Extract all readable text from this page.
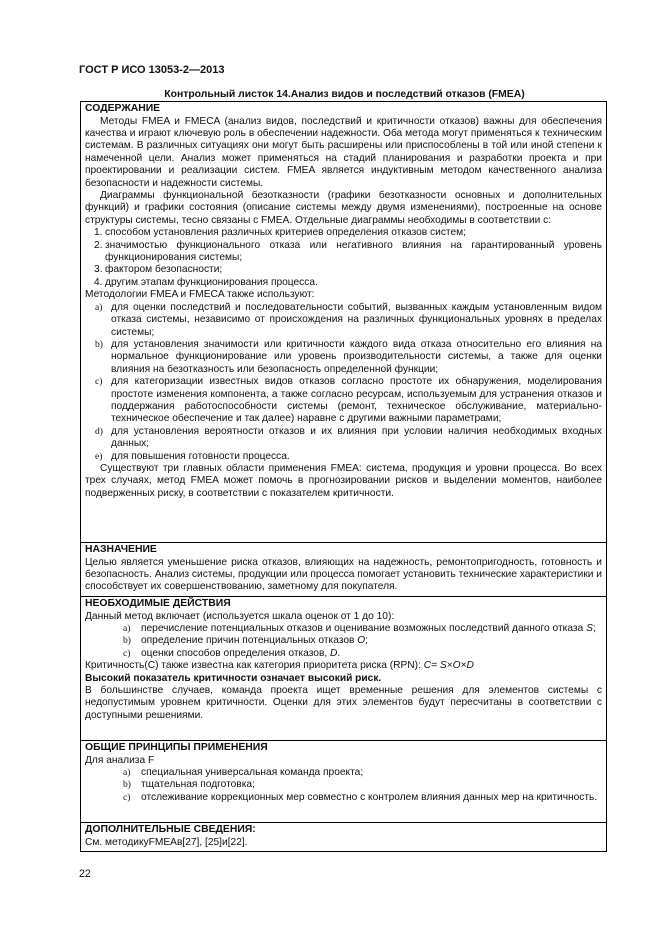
ГОСТ Р ИСО 13053-2—2013
Контрольный листок 14.Анализ видов и последствий отказов (FMEA)
СОДЕРЖАНИЕ

Методы FMEA и FMECA (анализ видов, последствий и критичности отказов) важны для обеспечения качества и играют ключевую роль в обеспечении надежности. Оба метода могут применяться к техническим системам. В различных ситуациях они могут быть расширены или приспособлены в той или иной степени к намеченной цели. Анализ может применяться на стадий планирования и разработки проекта и при проектировании и реализации систем. FMEA является индуктивным методом качественного анализа безопасности и надежности системы.

Диаграммы функциональной безотказности (графики безотказности основных и дополнительных функций) и графики состояния (описание системы между двумя изменениями), построенные на основе структуры системы, тесно связаны с FMEA. Отдельные диаграммы необходимы в соответствии с:

1. способом установления различных критериев определения отказов систем;
2. значимостью функционального отказа или негативного влияния на гарантированный уровень функционирования системы;
3. фактором безопасности;
4. другим этапам функционирования процесса.

Методологии FMEA и FMECA также используют:

а) для оценки последствий и последовательности событий, вызванных каждым установленным видом отказа системы, независимо от происхождения на различных функциональных уровнях в пределах системы;
b) для установления значимости или критичности каждого вида отказа относительно его влияния на нормальное функционирование или уровень производительности системы, а также для оценки влияния на безотказность или безопасность определенной функции;
c) для категоризации известных видов отказов согласно простоте их обнаружения, моделирования простоте изменения компонента, а также согласно ресурсам, используемым для устранения отказов и поддержания работоспособности системы (ремонт, техническое обслуживание, материально-техническое обеспечение и так далее) наравне с другими важными параметрами;
d) для установления вероятности отказов и их влияния при условии наличия необходимых входных данных;
e) для повышения готовности процесса.

Существуют три главных области применения FMEA: система, продукция и уровни процесса. Во всех трех случаях, метод FMEA может помочь в прогнозировании рисков и выделении моментов, наиболее подверженных риску, в соответствии с показателем критичности.

НАЗНАЧЕНИЕ

Целью является уменьшение риска отказов, влияющих на надежность, ремонтопригодность, готовность и безопасность. Анализ системы, продукции или процесса помогает установить технические характеристики и способствует их совершенствованию, заметному для покупателя.

НЕОБХОДИМЫЕ ДЕЙСТВИЯ

Данный метод включает (используется шкала оценок от 1 до 10):

а) перечисление потенциальных отказов и оценивание возможных последствий данного отказа S;
b) определение причин потенциальных отказов O;
c) оценки способов определения отказов, D.

Критичность(C) также известна как категория приоритета риска (RPN): C= S×O×D

Высокий показатель критичности означает высокий риск.

В большинстве случаев, команда проекта ищет временные решения для элементов системы с недопустимым уровнем критичности. Оценки для этих элементов будут пересчитаны в соответствии с доступными решениями.

ОБЩИЕ ПРИНЦИПЫ ПРИМЕНЕНИЯ

Для анализа F

а) специальная универсальная команда проекта;
b) тщательная подготовка;
c) отслеживание коррекционных мер совместно с контролем влияния данных мер на критичность.
ДОПОЛНИТЕЛЬНЫЕ СВЕДЕНИЯ:

См. методикуFMEAв[27], [25]и[22].

22
